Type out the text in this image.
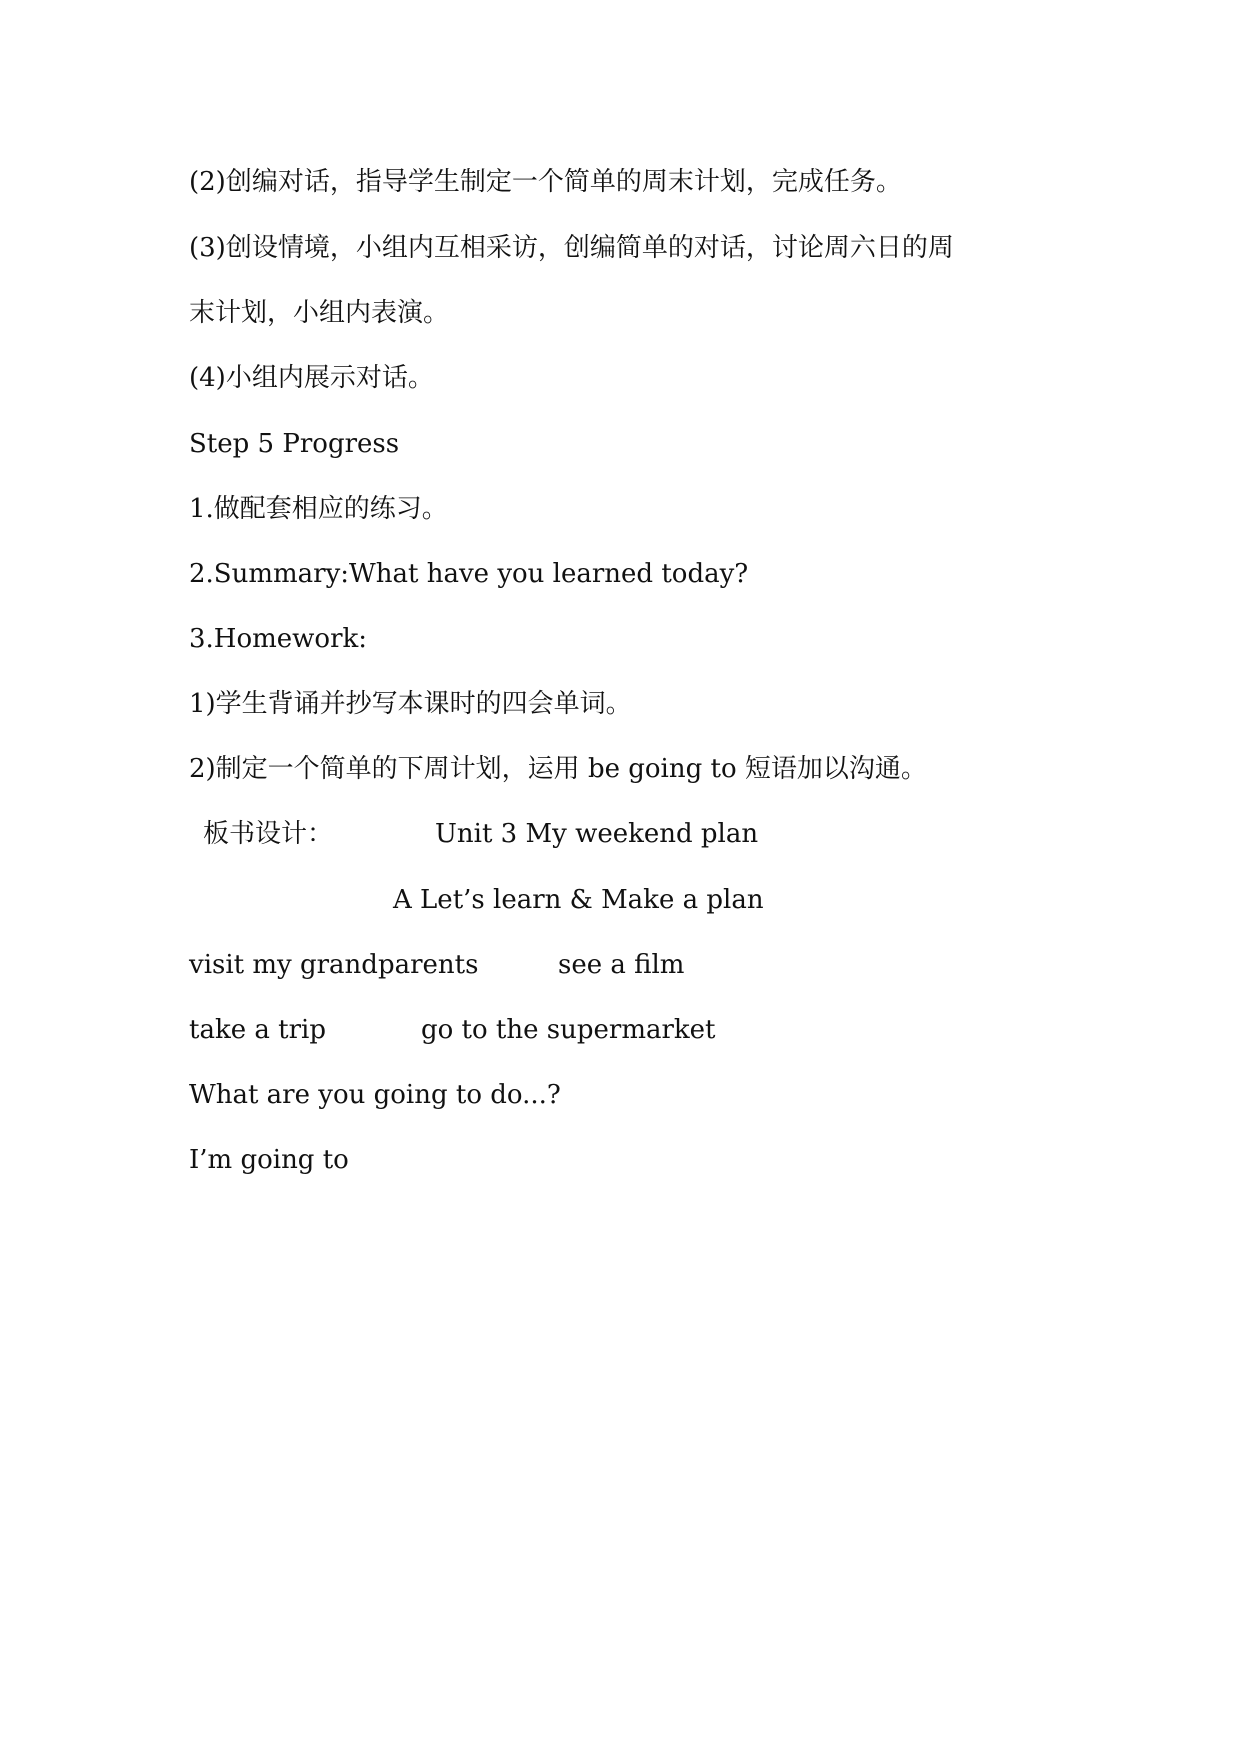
(2)创编对话，指导学生制定一个简单的周末计划，完成任务。
(3)创设情境，小组内互相采访，创编简单的对话，讨论周六日的周
末计划，小组内表演。
(4)小组内展示对话。
Step 5 Progress
1.做配套相应的练习。
2.Summary:What have you learned today?
3.Homework:
1)学生背诵并抄写本课时的四会单词。
2)制定一个简单的下周计划，运用 be going to 短语加以沟通。
板书设计：	Unit 3 My weekend plan
A Let’s learn & Make a plan
visit my grandparents	see a film
take a trip	go to the supermarket
What are you going to do...?
I’m going to
